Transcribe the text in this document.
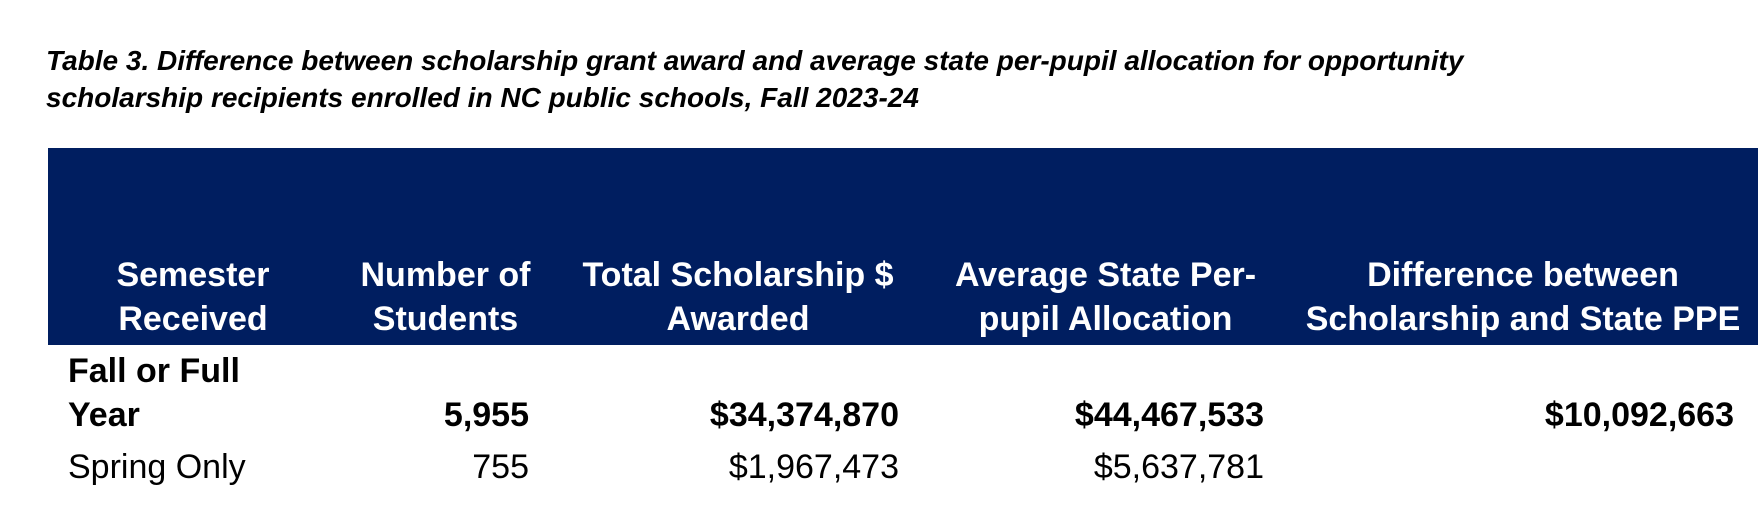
Table 3. Difference between scholarship grant award and average state per-pupil allocation for opportunity scholarship recipients enrolled in NC public schools, Fall 2023-24

Semester Received	Number of Students	Total Scholarship $ Awarded	Average State Per-pupil Allocation	Difference between Scholarship and State PPE
Fall or Full Year	5,955	$34,374,870	$44,467,533	$10,092,663
Spring Only	755	$1,967,473	$5,637,781	
